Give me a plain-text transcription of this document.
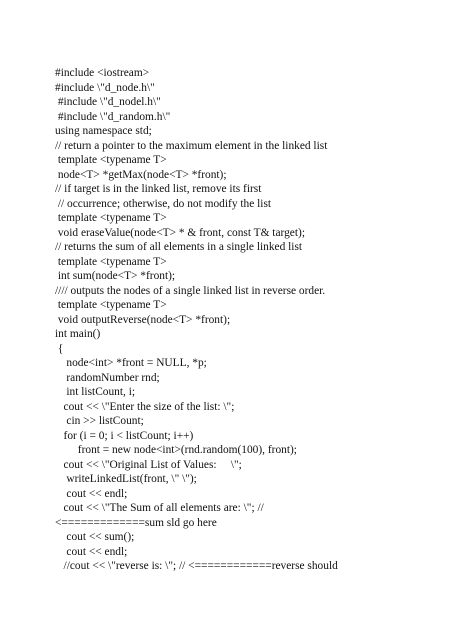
#include <iostream>
#include \"d_node.h\"
#include \"d_nodel.h\"
#include \"d_random.h\"
using namespace std;
// return a pointer to the maximum element in the linked list
template <typename T>
node<T> *getMax(node<T> *front);
// if target is in the linked list, remove its first
// occurrence; otherwise, do not modify the list
template <typename T>
void eraseValue(node<T> * & front, const T& target);
// returns the sum of all elements in a single linked list
template <typename T>
int sum(node<T> *front);
//// outputs the nodes of a single linked list in reverse order.
template <typename T>
void outputReverse(node<T> *front);
int main()
{
node<int> *front = NULL, *p;
randomNumber rnd;
int listCount, i;
cout << \"Enter the size of the list: \";
cin >> listCount;
for (i = 0; i < listCount; i++)
front = new node<int>(rnd.random(100), front);
cout << \"Original List of Values:     \";
writeLinkedList(front, \" \");
cout << endl;
cout << \"The Sum of all elements are: \"; //
<=============sum sld go here
cout << sum();
cout << endl;
//cout << \"reverse is: \"; // <============reverse should
